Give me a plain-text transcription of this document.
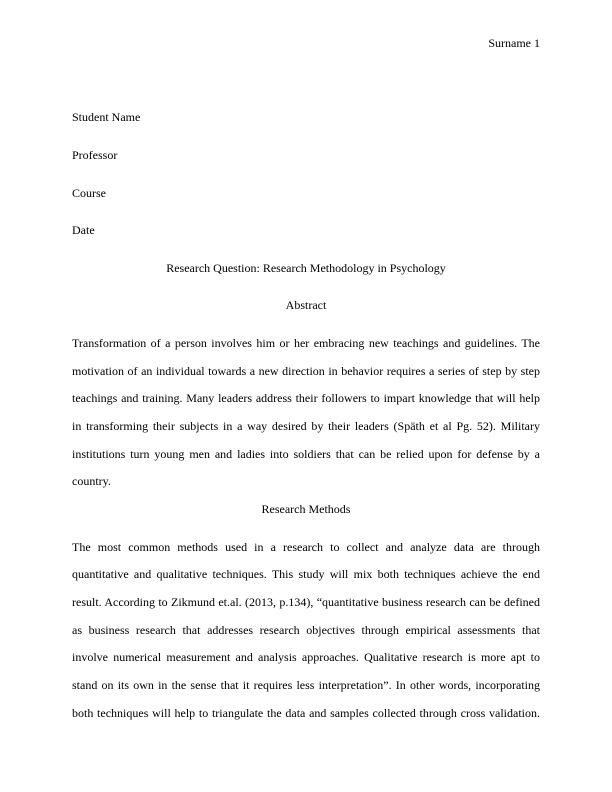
Surname 1
Student Name
Professor
Course
Date
Research Question: Research Methodology in Psychology
Abstract
Transformation of a person involves him or her embracing new teachings and guidelines. The
motivation of an individual towards a new direction in behavior requires a series of step by step
teachings and training. Many leaders address their followers to impart knowledge that will help
in transforming their subjects in a way desired by their leaders (Späth et al Pg. 52). Military
institutions turn young men and ladies into soldiers that can be relied upon for defense by a
country.
Research Methods
The most common methods used in a research to collect and analyze data are through
quantitative and qualitative techniques. This study will mix both techniques achieve the end
result. According to Zikmund et.al. (2013, p.134), “quantitative business research can be defined
as business research that addresses research objectives through empirical assessments that
involve numerical measurement and analysis approaches. Qualitative research is more apt to
stand on its own in the sense that it requires less interpretation”. In other words, incorporating
both techniques will help to triangulate the data and samples collected through cross validation.
